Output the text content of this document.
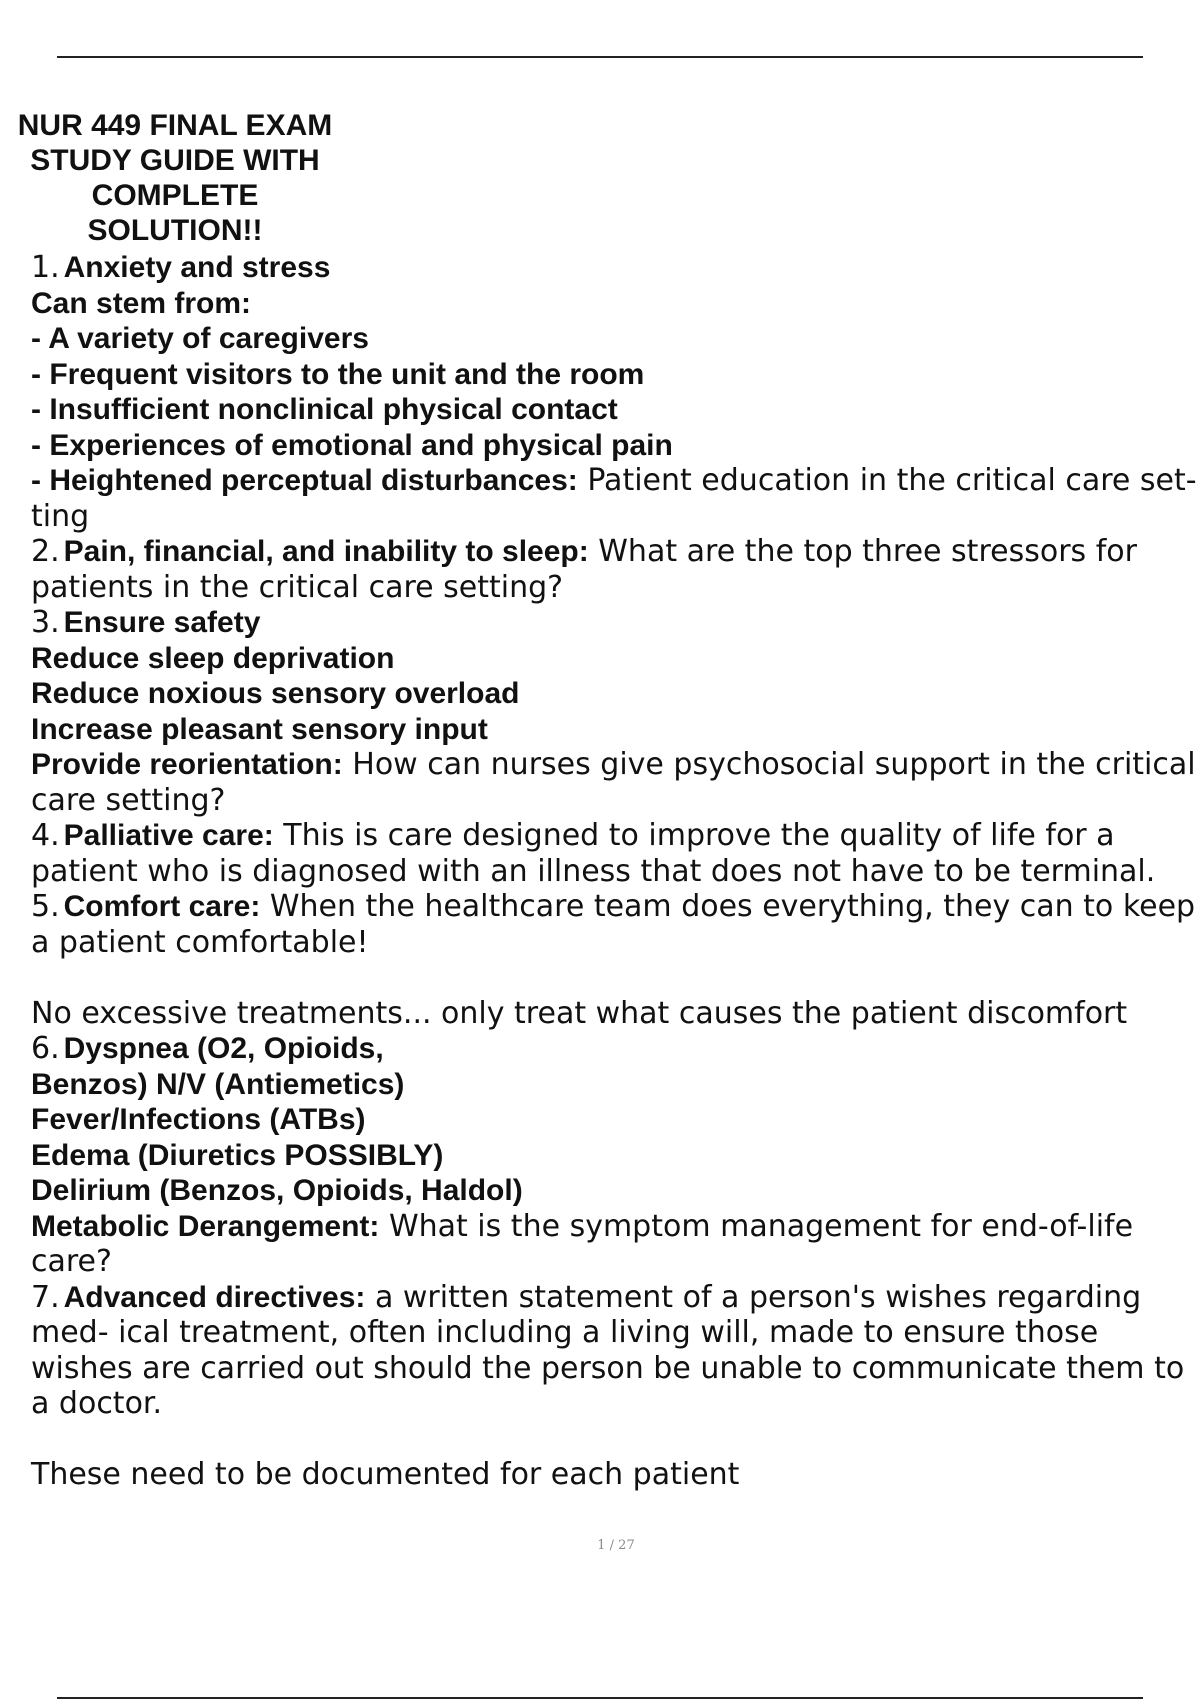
NUR 449 FINAL EXAM
STUDY GUIDE WITH
COMPLETE
SOLUTION!!

1. Anxiety and stress

Can stem from:

- A variety of caregivers

- Frequent visitors to the unit and the room

- Insufficient nonclinical physical contact

- Experiences of emotional and physical pain

- Heightened perceptual disturbances: Patient education in the critical care set- ting

2. Pain, financial, and inability to sleep: What are the top three stressors for patients in the critical care setting?

3. Ensure safety

Reduce sleep deprivation

Reduce noxious sensory overload

Increase pleasant sensory input

Provide reorientation: How can nurses give psychosocial support in the critical care setting?

4. Palliative care: This is care designed to improve the quality of life for a patient who is diagnosed with an illness that does not have to be terminal.

5. Comfort care: When the healthcare team does everything, they can to keep a patient comfortable!

No excessive treatments... only treat what causes the patient discomfort

6. Dyspnea (O2, Opioids,

Benzos) N/V (Antiemetics)

Fever/Infections (ATBs)

Edema (Diuretics POSSIBLY)

Delirium (Benzos, Opioids, Haldol)

Metabolic Derangement: What is the symptom management for end-of-life care?

7. Advanced directives: a written statement of a person's wishes regarding med- ical treatment, often including a living will, made to ensure those wishes are carried out should the person be unable to communicate them to a doctor.

These need to be documented for each patient

1 / 27
